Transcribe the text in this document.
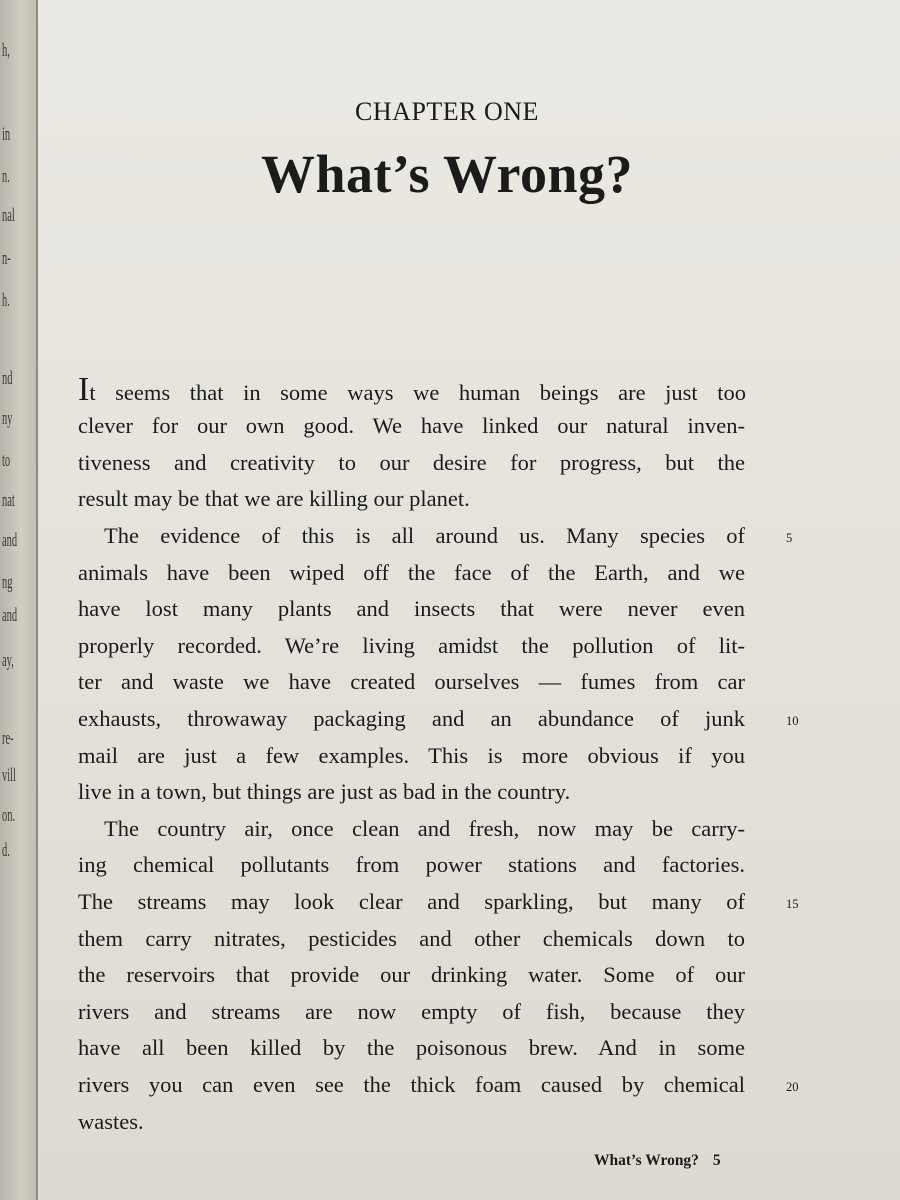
h,
in
n.
nal
n-
h.
nd
ny
to
nat
and
ng
and
ay,
re-
vill
on.
d.
CHAPTER ONE
What’s Wrong?
It seems that in some ways we human beings are just too
clever for our own good. We have linked our natural inven-
tiveness and creativity to our desire for progress, but the
result may be that we are killing our planet.
The evidence of this is all around us. Many species of
animals have been wiped off the face of the Earth, and we
have lost many plants and insects that were never even
properly recorded. We’re living amidst the pollution of lit-
ter and waste we have created ourselves — fumes from car
exhausts, throwaway packaging and an abundance of junk
mail are just a few examples. This is more obvious if you
live in a town, but things are just as bad in the country.
The country air, once clean and fresh, now may be carry-
ing chemical pollutants from power stations and factories.
The streams may look clear and sparkling, but many of
them carry nitrates, pesticides and other chemicals down to
the reservoirs that provide our drinking water. Some of our
rivers and streams are now empty of fish, because they
have all been killed by the poisonous brew. And in some
rivers you can even see the thick foam caused by chemical
wastes.
5
10
15
20
What’s Wrong? 5
